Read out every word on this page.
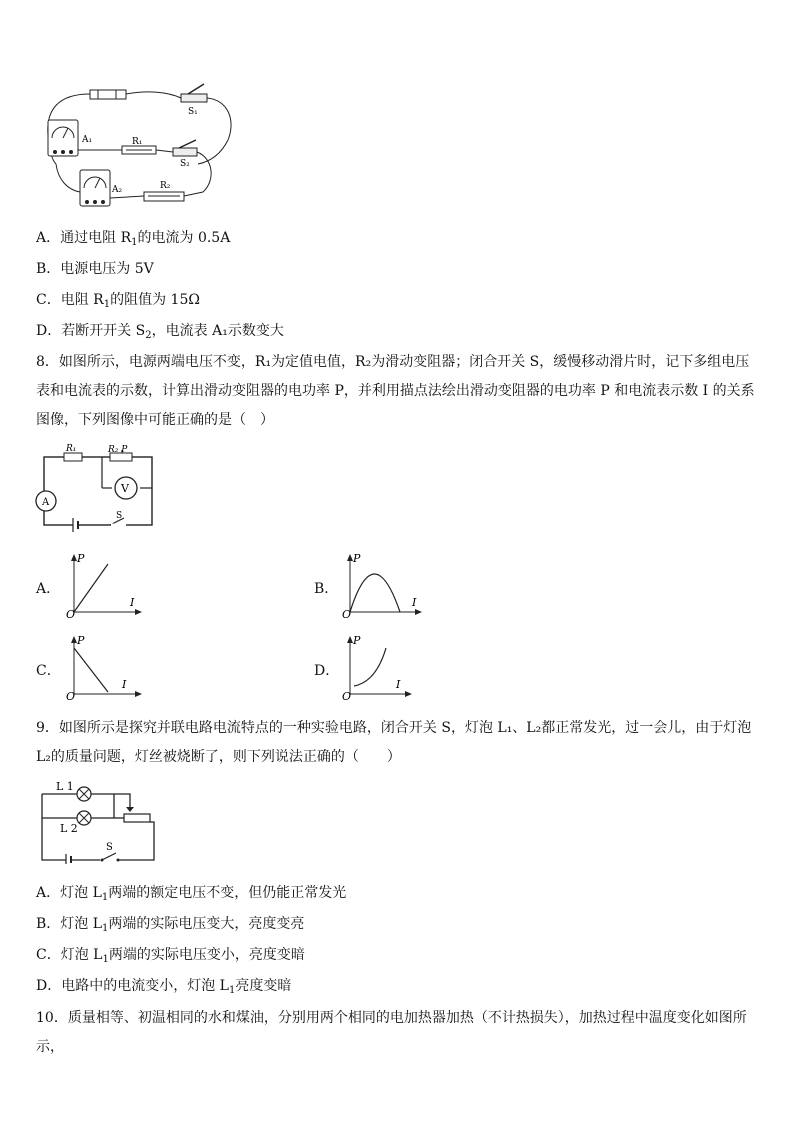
A₁	R₁
S₁
S₂
A₂	R₂
A．通过电阻 $R_1$的电流为 0.5A
B．电源电压为 5V
C．电阻 $R_1$的阻值为 15Ω
D．若断开开关 $S_2$，电流表 A₁示数变大
8．如图所示，电源两端电压不变，R₁为定值电值，R₂为滑动变阻器；闭合开关 S，缓慢移动滑片时，记下多组电压表和电流表的示数，计算出滑动变阻器的电功率 P，并利用描点法绘出滑动变阻器的电功率 P 和电流表示数 I 的关系图像，下列图像中可能正确的是（　）
R₁	R₂ P
V
A
S
A．
P
I
O
B．
P
I
O
C．
P
I
O
D．
P
I
O
9．如图所示是探究并联电路电流特点的一种实验电路，闭合开关 S，灯泡 L₁、L₂都正常发光，过一会儿，由于灯泡 L₂的质量问题，灯丝被烧断了，则下列说法正确的（　　）
L 1
L 2
S
A．灯泡 $L_1$两端的额定电压不变，但仍能正常发光
B．灯泡 $L_1$两端的实际电压变大，亮度变亮
C．灯泡 $L_1$两端的实际电压变小，亮度变暗
D．电路中的电流变小，灯泡 $L_1$亮度变暗
10．质量相等、初温相同的水和煤油，分别用两个相同的电加热器加热（不计热损失），加热过程中温度变化如图所示，
